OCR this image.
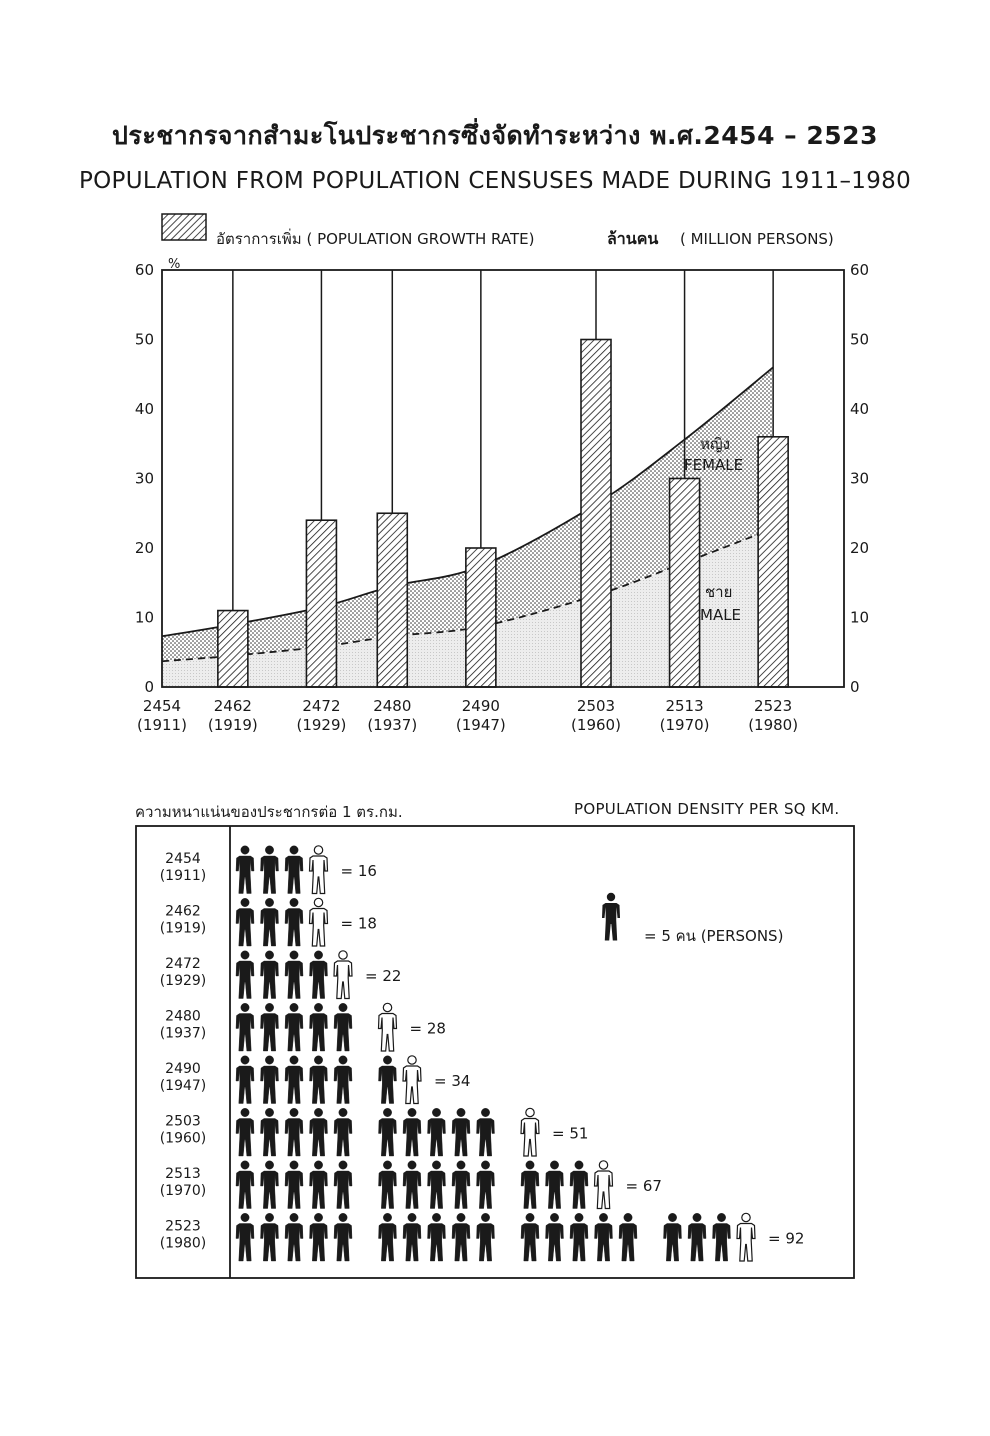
ประชากรจากสำมะโนประชากรซึ่งจัดทำระหว่าง พ.ศ.2454 – 2523
POPULATION FROM POPULATION CENSUSES MADE DURING 1911–1980
อัตราการเพิ่ม ( POPULATION GROWTH RATE)	ล้านคน ( MILLION PERSONS)
0
10
20
30
40
50
60
0
10
20
30
40
50
60
%
หญิง
FEMALE
ชาย
MALE
2454
(1911)
2462
(1919)
2472
(1929)
2480
(1937)
2490
(1947)
2503
(1960)
2513
(1970)
2523
(1980)
ความหนาแน่นของประชากรต่อ 1 ตร.กม.	POPULATION DENSITY PER SQ KM.
2454
(1911)	= 16
2462
(1919)	= 18
2472
(1929)	= 22
2480
(1937)	= 28
2490
(1947)	= 34
2503
(1960)	= 51
2513
(1970)	= 67
2523
(1980)	= 92
= 5 คน (PERSONS)
